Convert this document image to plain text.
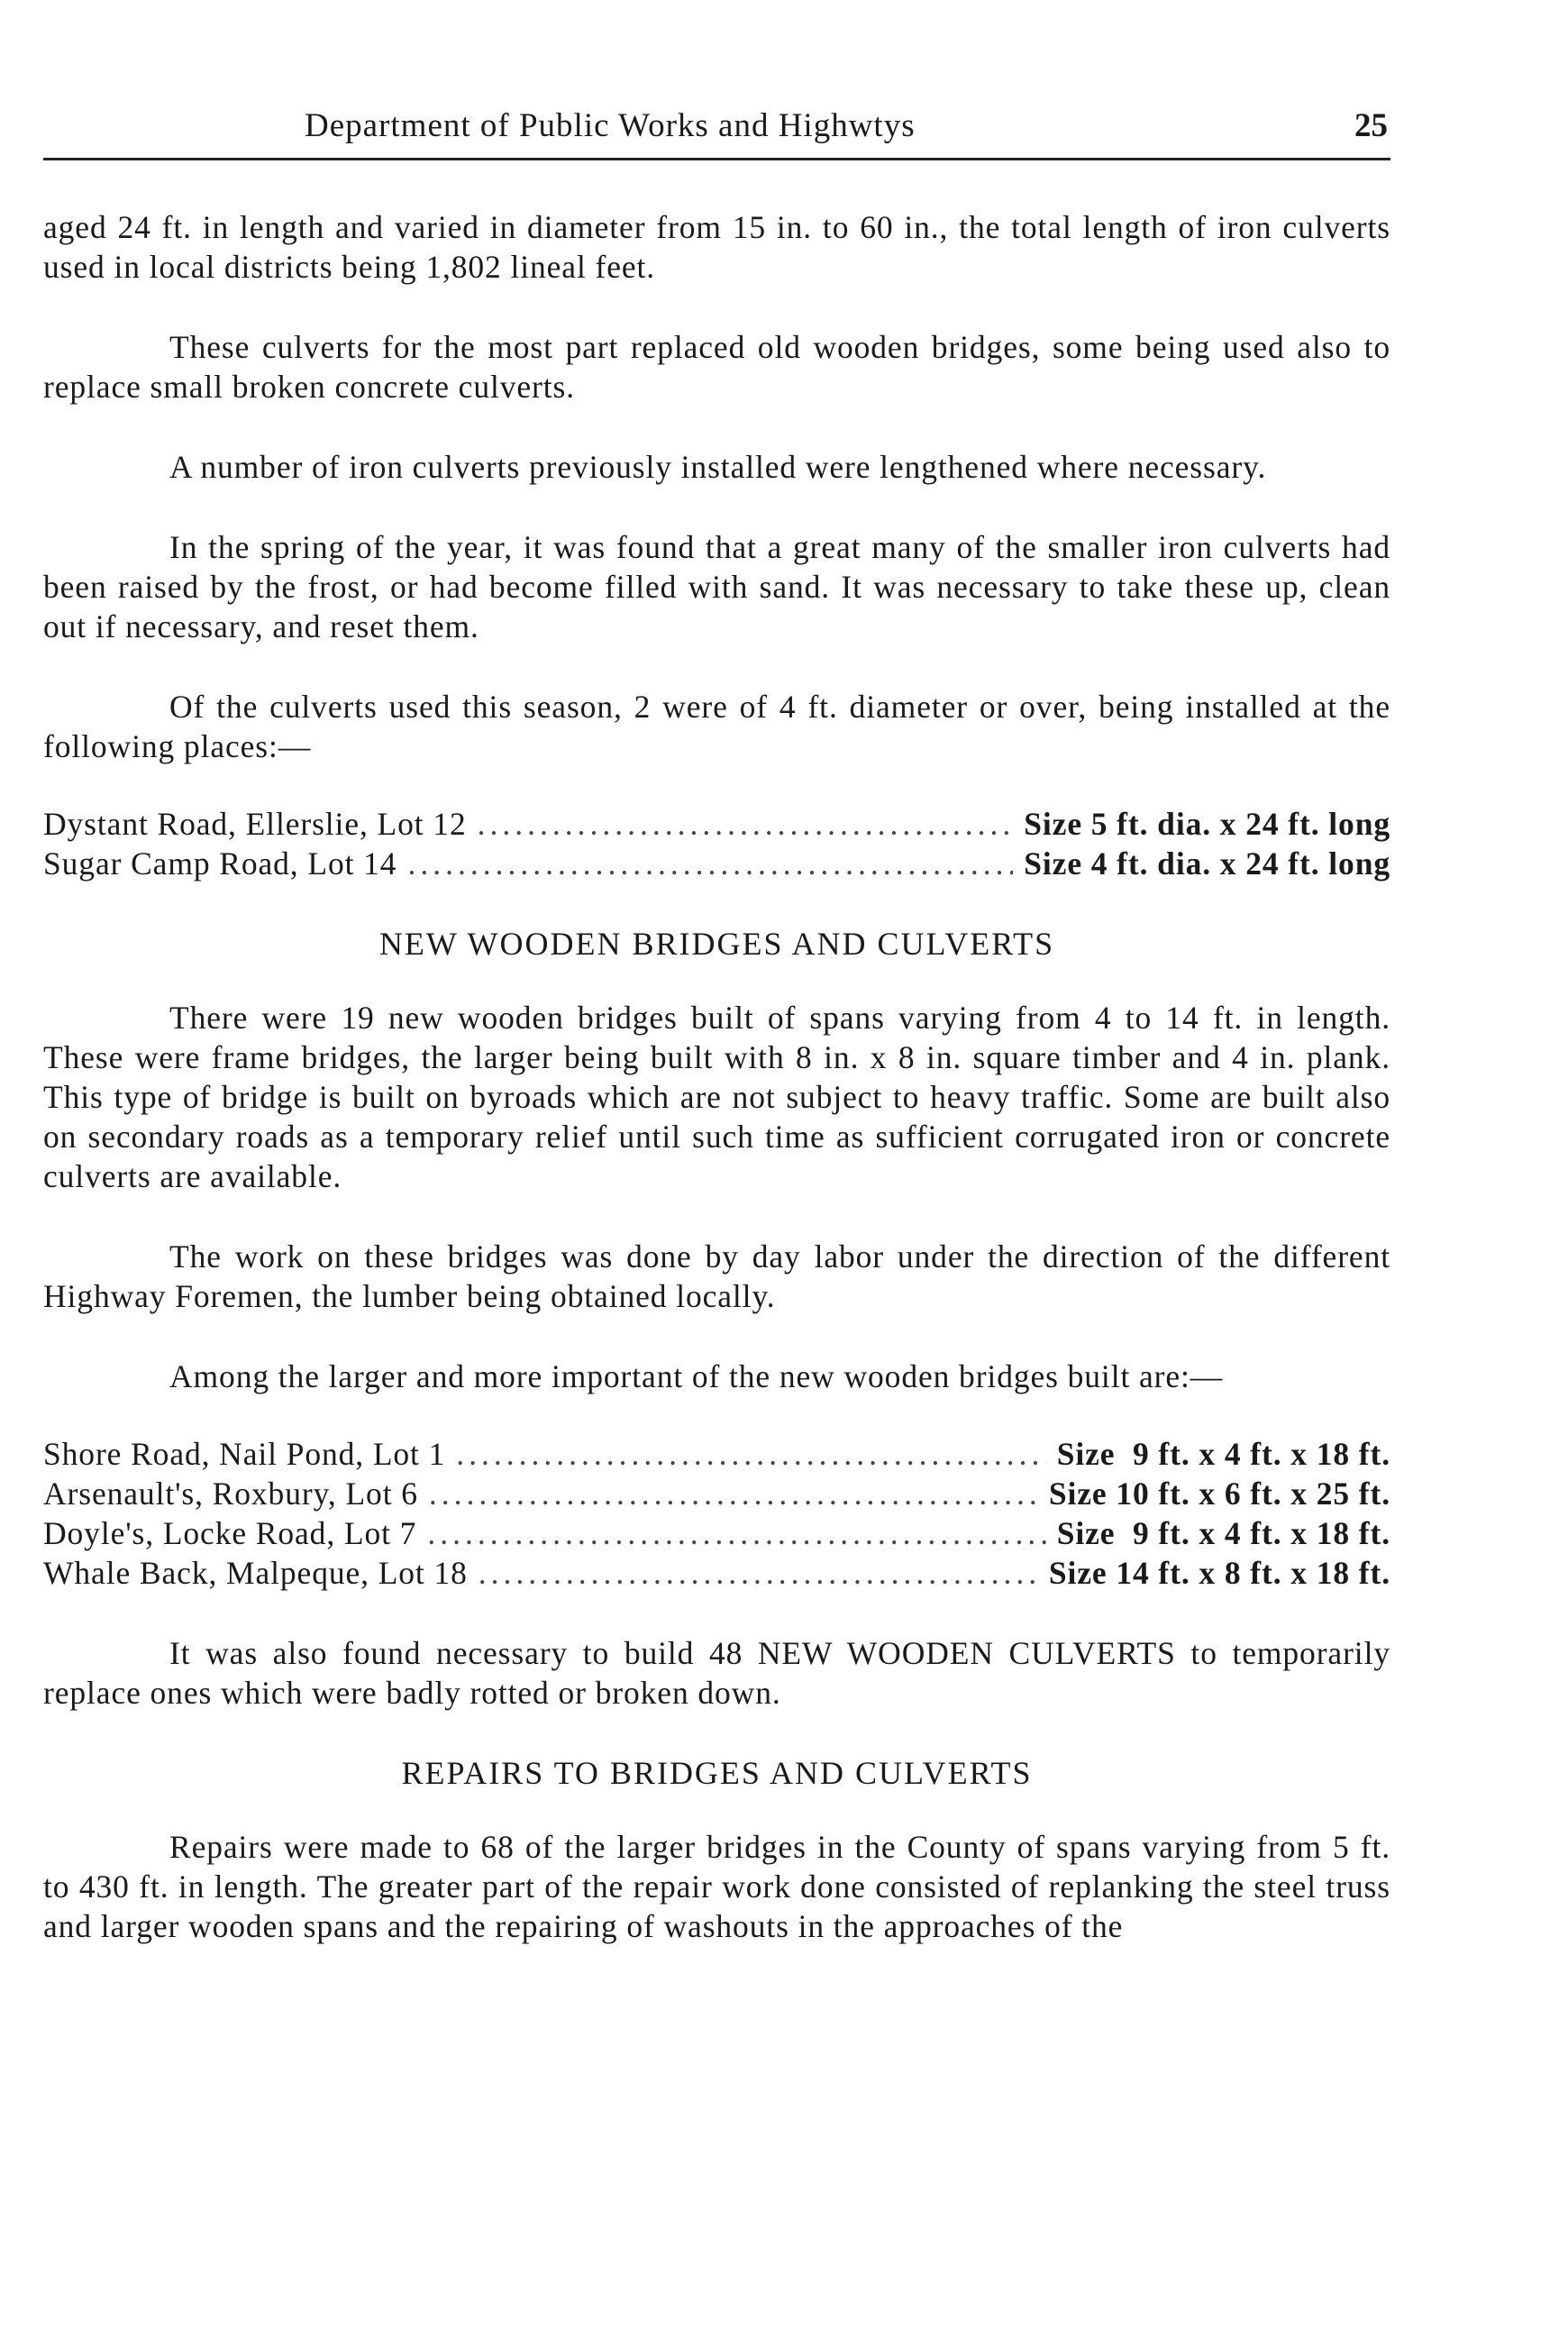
Department of Public Works and Highwtys	25

aged 24 ft. in length and varied in diameter from 15 in. to 60 in., the total length of iron culverts used in local districts being 1,802 lineal feet.

These culverts for the most part replaced old wooden bridges, some being used also to replace small broken concrete culverts.

A number of iron culverts previously installed were lengthened where necessary.

In the spring of the year, it was found that a great many of the smaller iron culverts had been raised by the frost, or had become filled with sand. It was necessary to take these up, clean out if necessary, and reset them.

Of the culverts used this season, 2 were of 4 ft. diameter or over, being installed at the following places:—

Dystant Road, Ellerslie, Lot 12 .....	Size 5 ft. dia. x 24 ft. long
Sugar Camp Road, Lot 14 .....	Size 4 ft. dia. x 24 ft. long
NEW WOODEN BRIDGES AND CULVERTS

There were 19 new wooden bridges built of spans varying from 4 to 14 ft. in length. These were frame bridges, the larger being built with 8 in. x 8 in. square timber and 4 in. plank. This type of bridge is built on byroads which are not subject to heavy traffic. Some are built also on secondary roads as a temporary relief until such time as sufficient corrugated iron or concrete culverts are available.

The work on these bridges was done by day labor under the direction of the different Highway Foremen, the lumber being obtained locally.

Among the larger and more important of the new wooden bridges built are:—

Shore Road, Nail Pond, Lot 1 .....	Size  9 ft. x 4 ft. x 18 ft.
Arsenault's, Roxbury, Lot 6 .....	Size 10 ft. x 6 ft. x 25 ft.
Doyle's, Locke Road, Lot 7 .....	Size  9 ft. x 4 ft. x 18 ft.
Whale Back, Malpeque, Lot 18 .....	Size 14 ft. x 8 ft. x 18 ft.

It was also found necessary to build 48 NEW WOODEN CULVERTS to temporarily replace ones which were badly rotted or broken down.

REPAIRS TO BRIDGES AND CULVERTS

Repairs were made to 68 of the larger bridges in the County of spans varying from 5 ft. to 430 ft. in length. The greater part of the repair work done consisted of replanking the steel truss and larger wooden spans and the repairing of washouts in the approaches of the
